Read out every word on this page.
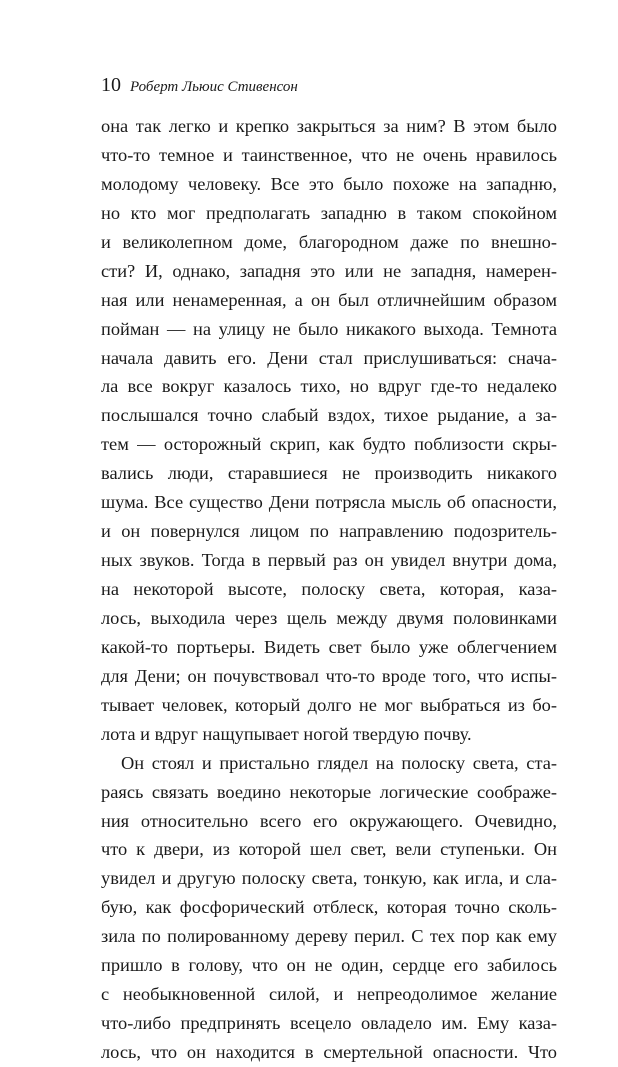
10 Роберт Льюис Стивенсон
она так легко и крепко закрыться за ним? В этом было
что-то темное и таинственное, что не очень нравилось
молодому человеку. Все это было похоже на западню,
но кто мог предполагать западню в таком спокойном
и великолепном доме, благородном даже по внешно-
сти? И, однако, западня это или не западня, намерен-
ная или ненамеренная, а он был отличнейшим образом
пойман — на улицу не было никакого выхода. Темнота
начала давить его. Дени стал прислушиваться: снача-
ла все вокруг казалось тихо, но вдруг где-то недалеко
послышался точно слабый вздох, тихое рыдание, а за-
тем — осторожный скрип, как будто поблизости скры-
вались люди, старавшиеся не производить никакого
шума. Все существо Дени потрясла мысль об опасности,
и он повернулся лицом по направлению подозритель-
ных звуков. Тогда в первый раз он увидел внутри дома,
на некоторой высоте, полоску света, которая, каза-
лось, выходила через щель между двумя половинками
какой-то портьеры. Видеть свет было уже облегчением
для Дени; он почувствовал что-то вроде того, что испы-
тывает человек, который долго не мог выбраться из бо-
лота и вдруг нащупывает ногой твердую почву.
Он стоял и пристально глядел на полоску света, ста-
раясь связать воедино некоторые логические соображе-
ния относительно всего его окружающего. Очевидно,
что к двери, из которой шел свет, вели ступеньки. Он
увидел и другую полоску света, тонкую, как игла, и сла-
бую, как фосфорический отблеск, которая точно сколь-
зила по полированному дереву перил. С тех пор как ему
пришло в голову, что он не один, сердце его забилось
с необыкновенной силой, и непреодолимое желание
что-либо предпринять всецело овладело им. Ему каза-
лось, что он находится в смертельной опасности. Что
